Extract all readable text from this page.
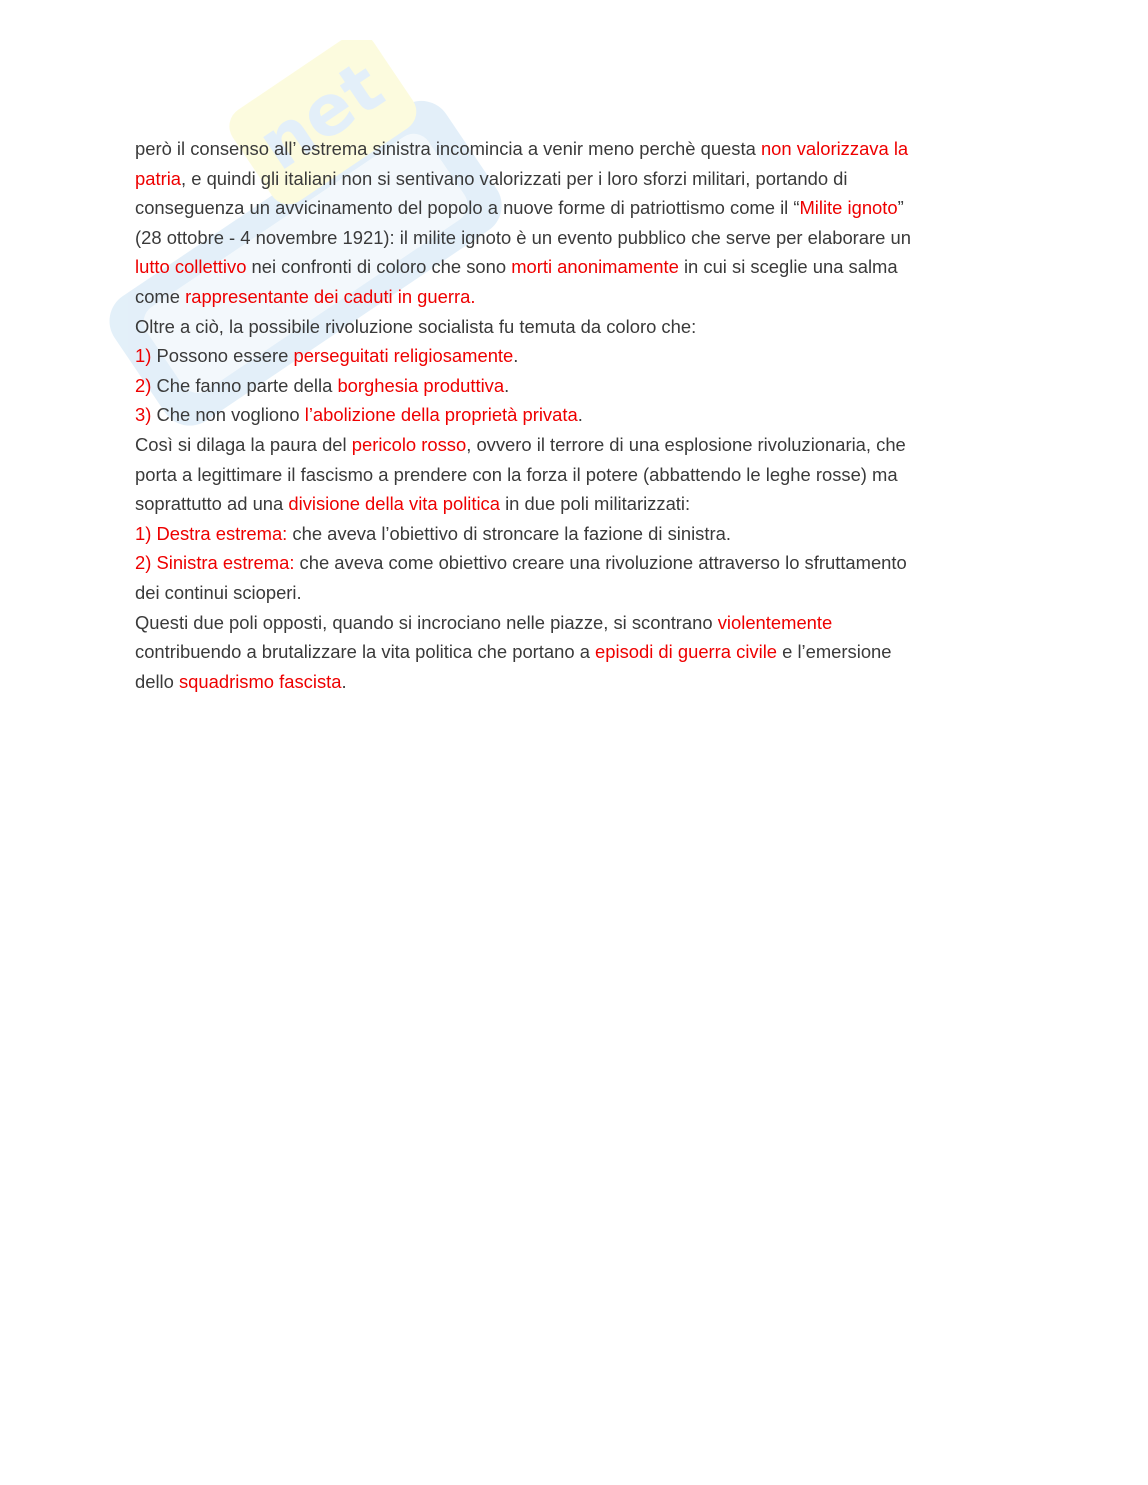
net
però il consenso all’ estrema sinistra incomincia a venir meno perchè questa non valorizzava la
patria, e quindi gli italiani non si sentivano valorizzati per i loro sforzi militari, portando di
conseguenza un avvicinamento del popolo a nuove forme di patriottismo come il “Milite ignoto”
(28 ottobre - 4 novembre 1921): il milite ignoto è un evento pubblico che serve per elaborare un
lutto collettivo nei confronti di coloro che sono morti anonimamente in cui si sceglie una salma
come rappresentante dei caduti in guerra.
Oltre a ciò, la possibile rivoluzione socialista fu temuta da coloro che:
1) Possono essere perseguitati religiosamente.
2) Che fanno parte della borghesia produttiva.
3) Che non vogliono l’abolizione della proprietà privata.
Così si dilaga la paura del pericolo rosso, ovvero il terrore di una esplosione rivoluzionaria, che
porta a legittimare il fascismo a prendere con la forza il potere (abbattendo le leghe rosse) ma
soprattutto ad una divisione della vita politica in due poli militarizzati:
1) Destra estrema: che aveva l’obiettivo di stroncare la fazione di sinistra.
2) Sinistra estrema: che aveva come obiettivo creare una rivoluzione attraverso lo sfruttamento
dei continui scioperi.
Questi due poli opposti, quando si incrociano nelle piazze, si scontrano violentemente
contribuendo a brutalizzare la vita politica che portano a episodi di guerra civile e l’emersione
dello squadrismo fascista.
